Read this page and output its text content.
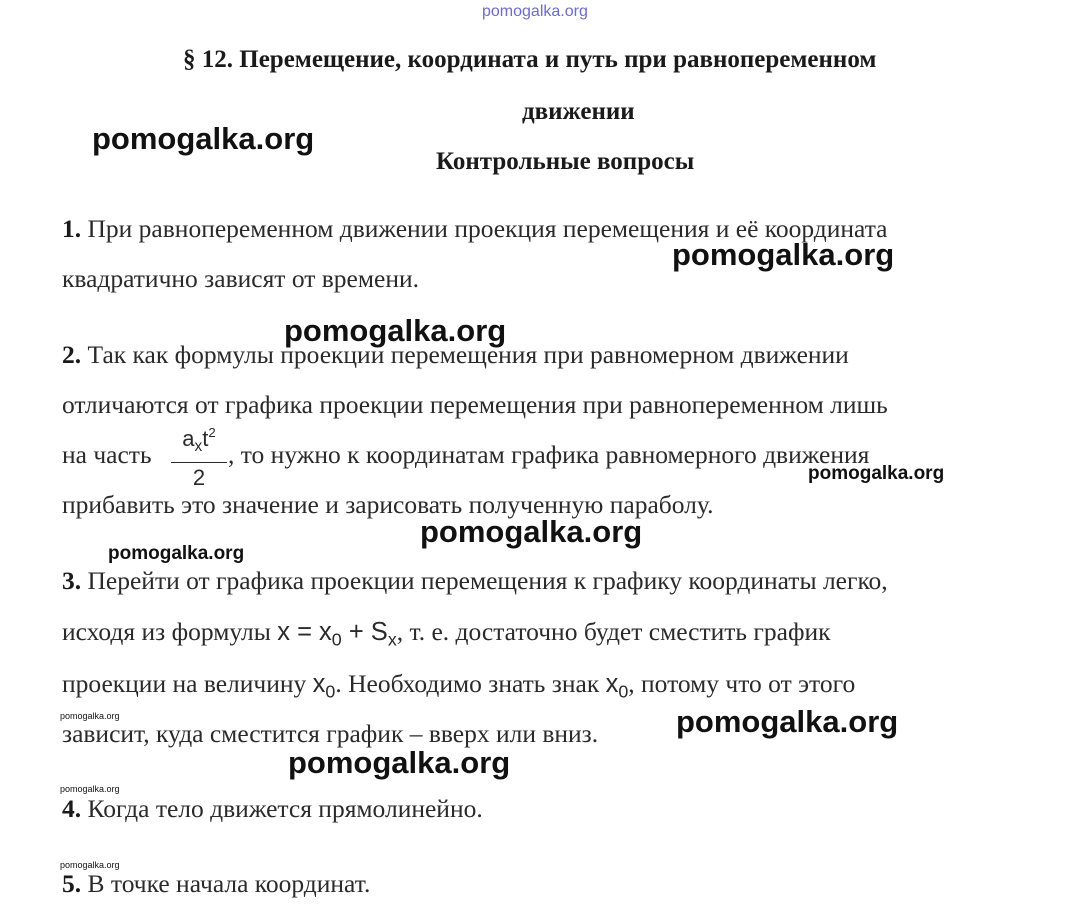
pomogalka.org
§ 12. Перемещение, координата и путь при равнопеременном
движении
Контрольные вопросы
pomogalka.org
1. При равнопеременном движении проекция перемещения и её координата
квадратично зависят от времени.
pomogalka.org
pomogalka.org
2. Так как формулы проекции перемещения при равномерном движении
отличаются от графика проекции перемещения при равнопеременном лишь
на часть
$a_xt^2$
2
, то нужно к координатам графика равномерного движения
pomogalka.org
прибавить это значение и зарисовать полученную параболу.
pomogalka.org
pomogalka.org
3. Перейти от графика проекции перемещения к графику координаты легко,
исходя из формулы $x = x_0 + S_x$, т. е. достаточно будет сместить график
проекции на величину $x_0$. Необходимо знать знак $x_0$, потому что от этого
pomogalka.org
зависит, куда сместится график – вверх или вниз.	pomogalka.org
pomogalka.org
pomogalka.org
4. Когда тело движется прямолинейно.
pomogalka.org
5. В точке начала координат.
